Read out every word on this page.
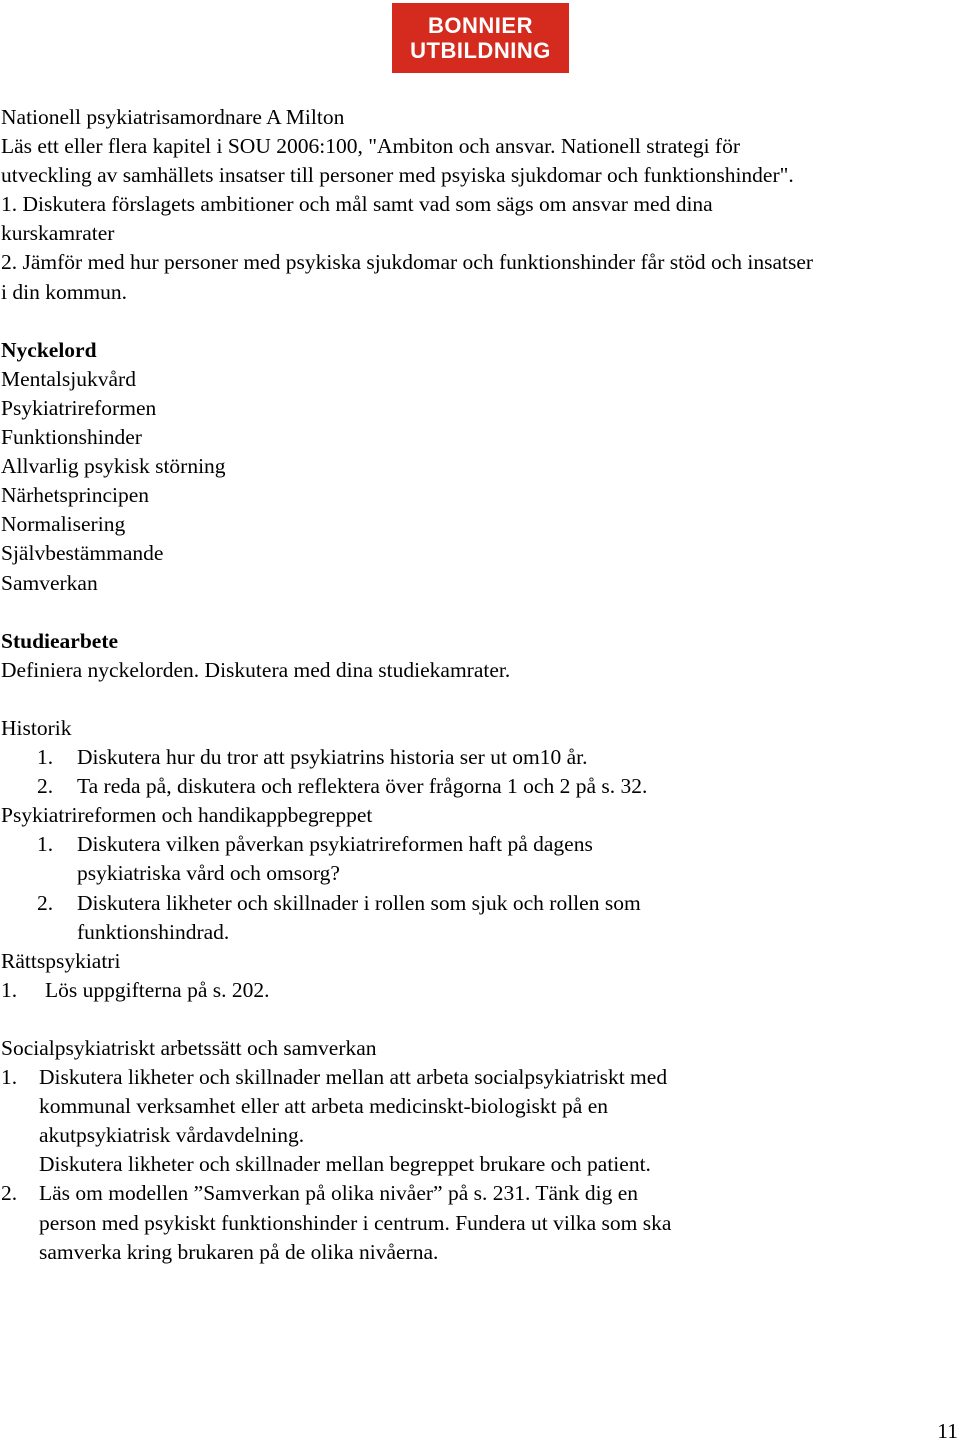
BONNIER
UTBILDNING
Nationell psykiatrisamordnare A Milton
Läs ett eller flera kapitel i SOU 2006:100, "Ambiton och ansvar. Nationell strategi för
utveckling av samhällets insatser till personer med psyiska sjukdomar och funktionshinder".
1. Diskutera förslagets ambitioner och mål samt vad som sägs om ansvar med dina
kurskamrater
2. Jämför med hur personer med psykiska sjukdomar och funktionshinder får stöd och insatser
i din kommun.
Nyckelord
Mentalsjukvård
Psykiatrireformen
Funktionshinder
Allvarlig psykisk störning
Närhetsprincipen
Normalisering
Självbestämmande
Samverkan
Studiearbete
Definiera nyckelorden. Diskutera med dina studiekamrater.
Historik
1.	Diskutera hur du tror att psykiatrins historia ser ut om10 år.
2.	Ta reda på, diskutera och reflektera över frågorna 1 och 2 på s. 32.
Psykiatrireformen och handikappbegreppet
1.	Diskutera vilken påverkan psykiatrireformen haft på dagens
psykiatriska vård och omsorg?
2.	Diskutera likheter och skillnader i rollen som sjuk och rollen som
funktionshindrad.
Rättspsykiatri
1.	Lös uppgifterna på s. 202.
Socialpsykiatriskt arbetssätt och samverkan
1.	Diskutera likheter och skillnader mellan att arbeta socialpsykiatriskt med
kommunal verksamhet eller att arbeta medicinskt-biologiskt på en
akutpsykiatrisk vårdavdelning.
Diskutera likheter och skillnader mellan begreppet brukare och patient.
2.	Läs om modellen ”Samverkan på olika nivåer” på s. 231. Tänk dig en
person med psykiskt funktionshinder i centrum. Fundera ut vilka som ska
samverka kring brukaren på de olika nivåerna.
11
